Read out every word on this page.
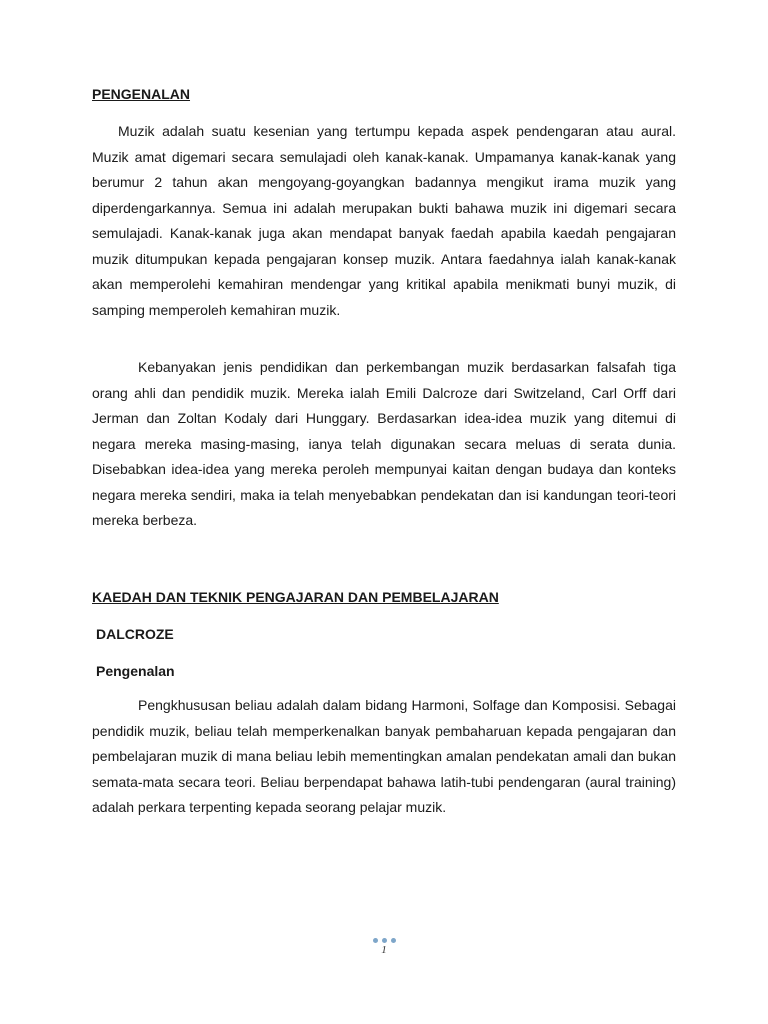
PENGENALAN

Muzik adalah suatu kesenian yang tertumpu kepada aspek pendengaran atau aural. Muzik amat digemari secara semulajadi oleh kanak-kanak. Umpamanya kanak-kanak yang berumur 2 tahun akan mengoyang-goyangkan badannya mengikut irama muzik yang diperdengarkannya. Semua ini adalah merupakan bukti bahawa muzik ini digemari secara semulajadi. Kanak-kanak juga akan mendapat banyak faedah apabila kaedah pengajaran muzik ditumpukan kepada pengajaran konsep muzik. Antara faedahnya ialah kanak-kanak akan memperolehi kemahiran mendengar yang kritikal apabila menikmati bunyi muzik, di samping memperoleh kemahiran muzik.

Kebanyakan jenis pendidikan dan perkembangan muzik berdasarkan falsafah tiga orang ahli dan pendidik muzik. Mereka ialah Emili Dalcroze dari Switzeland, Carl Orff dari Jerman dan Zoltan Kodaly dari Hunggary. Berdasarkan idea-idea muzik yang ditemui di negara mereka masing-masing, ianya telah digunakan secara meluas di serata dunia. Disebabkan idea-idea yang mereka peroleh mempunyai kaitan dengan budaya dan konteks negara mereka sendiri, maka ia telah menyebabkan pendekatan dan isi kandungan teori-teori mereka berbeza.

KAEDAH DAN TEKNIK PENGAJARAN DAN PEMBELAJARAN
DALCROZE
Pengenalan

Pengkhususan beliau adalah dalam bidang Harmoni, Solfage dan Komposisi. Sebagai pendidik muzik, beliau telah memperkenalkan banyak pembaharuan kepada pengajaran dan pembelajaran muzik di mana beliau lebih mementingkan amalan pendekatan amali dan bukan semata-mata secara teori. Beliau berpendapat bahawa latih-tubi pendengaran (aural training) adalah perkara terpenting kepada seorang pelajar muzik.

1
